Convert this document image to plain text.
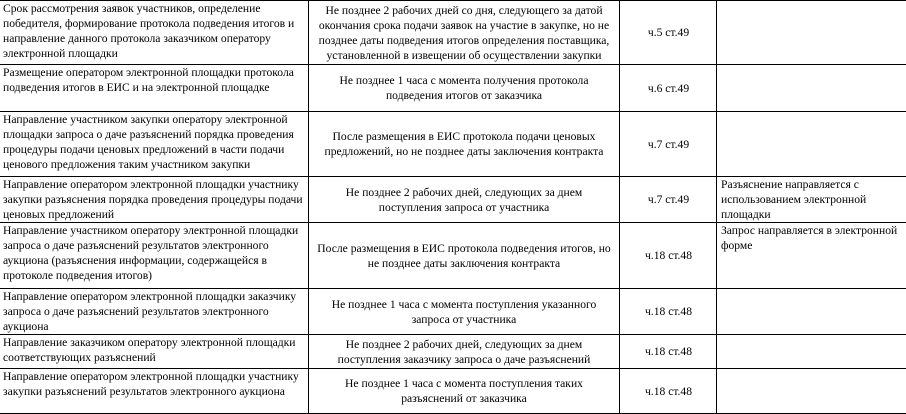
Срок рассмотрения заявок участников, определение победителя, формирование протокола подведения итогов и направление данного протокола заказчиком оператору электронной площадки	Не позднее 2 рабочих дней со дня, следующего за датой окончания срока подачи заявок на участие в закупке, но не позднее даты подведения итогов определения поставщика, установленной в извещении об осуществлении закупки	ч.5 ст.49	

Размещение оператором электронной площадки протокола подведения итогов в ЕИС и на электронной площадке	Не позднее 1 часа с момента получения протокола подведения итогов от заказчика	ч.6 ст.49	

Направление участником закупки оператору электронной площадки запроса о даче разъяснений порядка проведения процедуры подачи ценовых предложений в части подачи ценового предложения таким участником закупки	После размещения в ЕИС протокола подачи ценовых предложений, но не позднее даты заключения контракта	ч.7 ст.49	

Направление оператором электронной площадки участнику закупки разъяснения порядка проведения процедуры подачи ценовых предложений	Не позднее 2 рабочих дней, следующих за днем поступления запроса от участника	ч.7 ст.49	Разъяснение направляется с использованием электронной площадки

Направление участником оператору электронной площадки запроса о даче разъяснений результатов электронного аукциона (разъяснения информации, содержащейся в протоколе подведения итогов)	После размещения в ЕИС протокола подведения итогов, но не позднее даты заключения контракта	ч.18 ст.48	Запрос направляется в электронной форме

Направление оператором электронной площадки заказчику запроса о даче разъяснений результатов электронного аукциона	Не позднее 1 часа с момента поступления указанного запроса от участника	ч.18 ст.48	

Направление заказчиком оператору электронной площадки соответствующих разъяснений	Не позднее 2 рабочих дней, следующих за днем поступления заказчику запроса о даче разъяснений	ч.18 ст.48	

Направление оператором электронной площадки участнику закупки разъяснений результатов электронного аукциона	Не позднее 1 часа с момента поступления таких разъяснений от заказчика	ч.18 ст.48	
